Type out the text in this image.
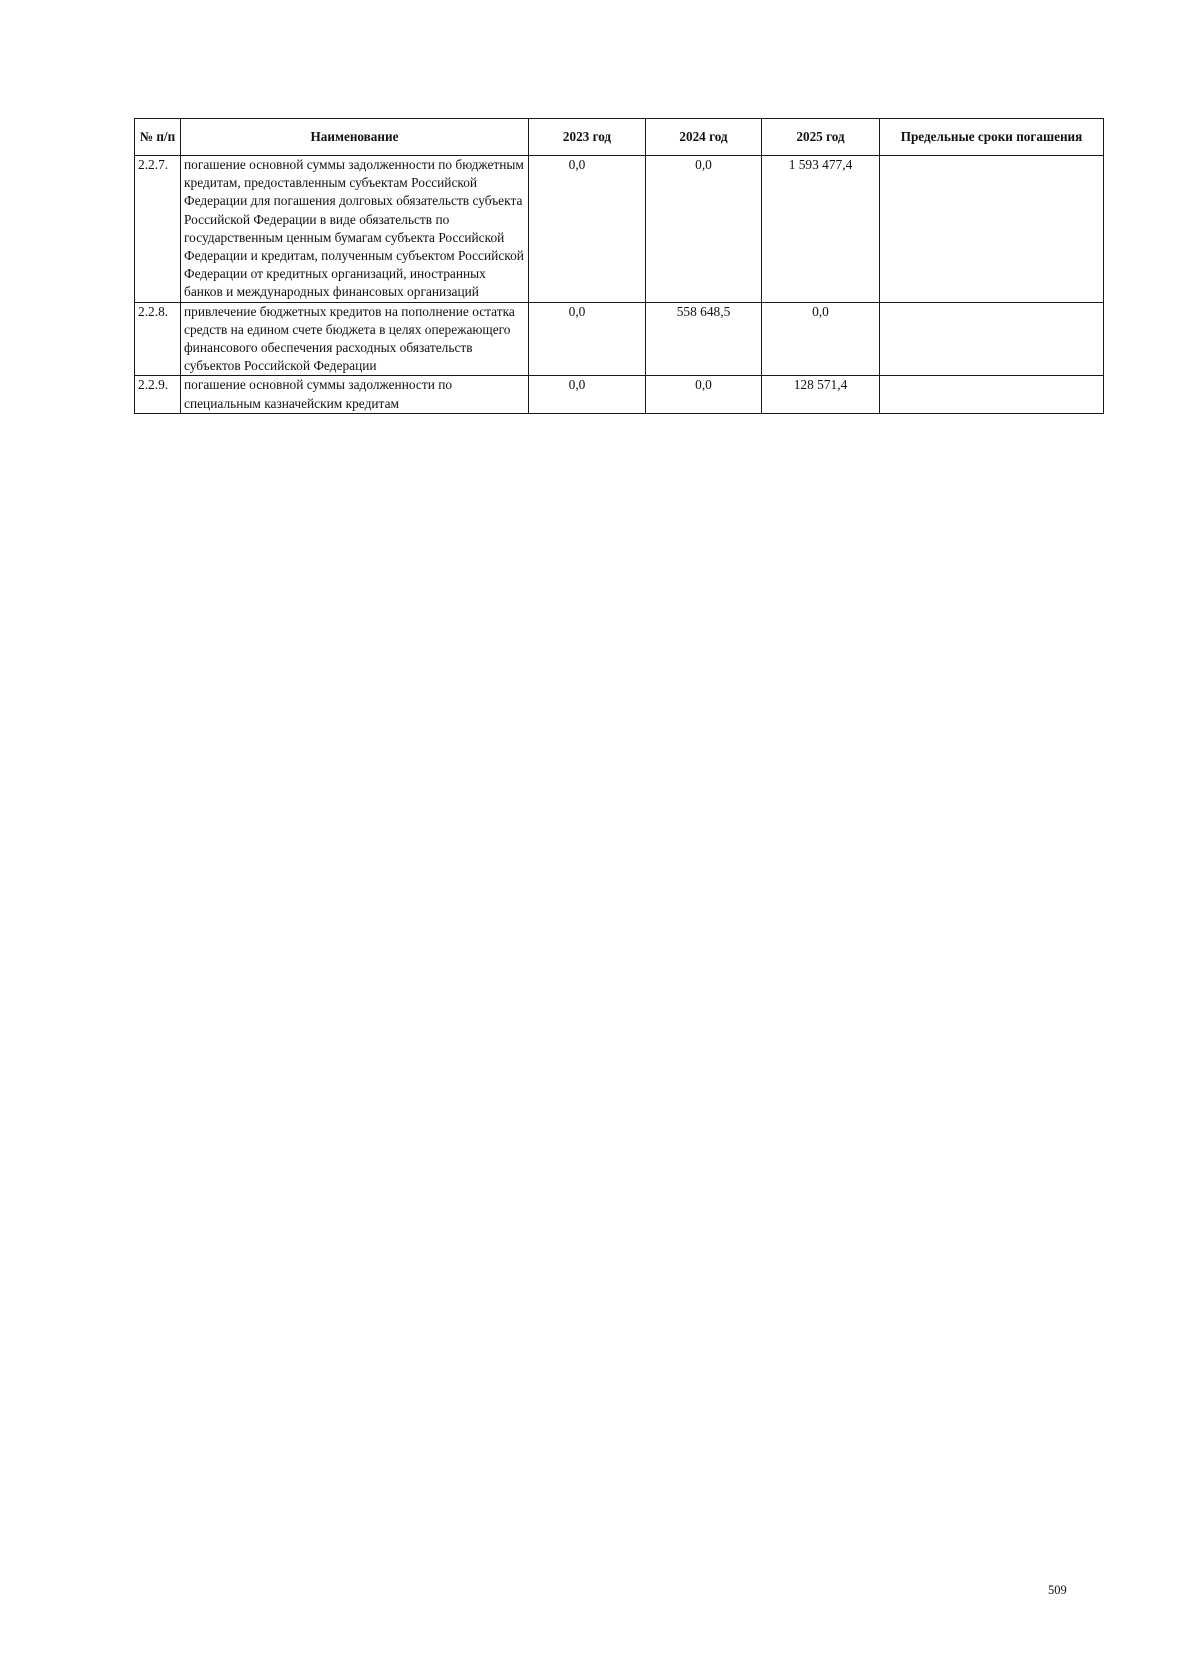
№ п/п	Наименование	2023 год	2024 год	2025 год	Предельные сроки погашения
2.2.7.	погашение основной суммы задолженности по бюджетным кредитам, предоставленным субъектам Российской Федерации для погашения долговых обязательств субъекта Российской Федерации в виде обязательств по государственным ценным бумагам субъекта Российской Федерации и кредитам, полученным субъектом Российской Федерации от кредитных организаций, иностранных банков и международных финансовых организаций	0,0	0,0	1 593 477,4	
2.2.8.	привлечение бюджетных кредитов на пополнение остатка средств на едином счете бюджета в целях опережающего финансового обеспечения расходных обязательств субъектов Российской Федерации	0,0	558 648,5	0,0	
2.2.9.	погашение основной суммы задолженности по специальным казначейским кредитам	0,0	0,0	128 571,4	
509
